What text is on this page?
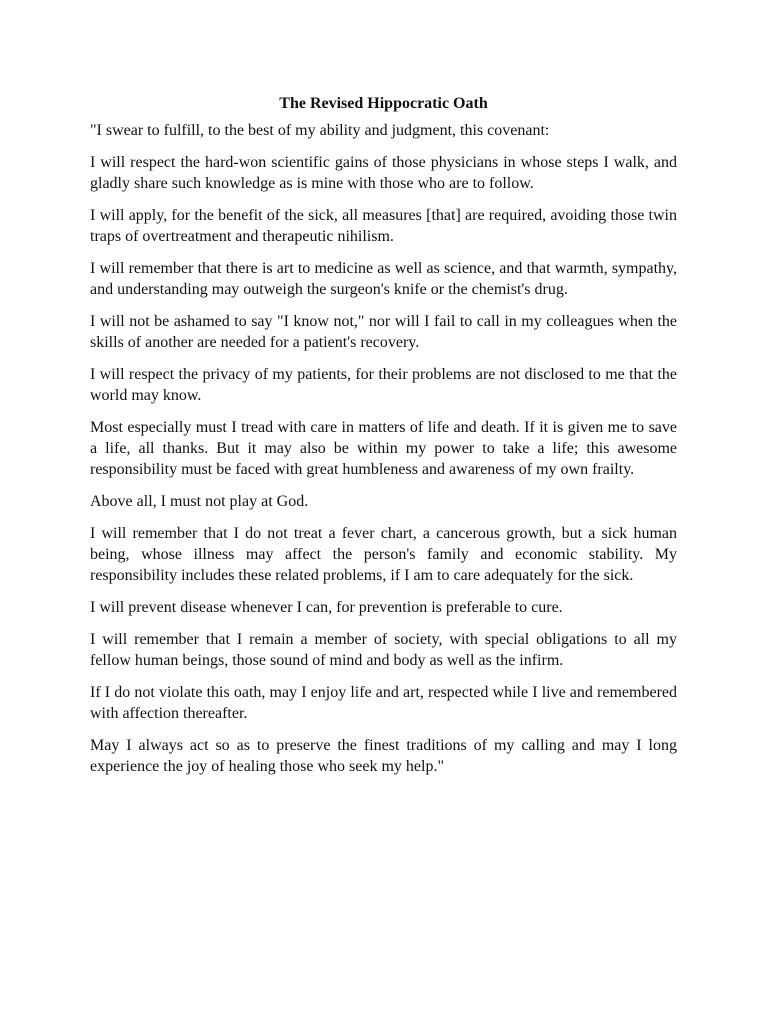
The Revised Hippocratic Oath

"I swear to fulfill, to the best of my ability and judgment, this covenant:

I will respect the hard-won scientific gains of those physicians in whose steps I walk, and gladly share such knowledge as is mine with those who are to follow.

I will apply, for the benefit of the sick, all measures [that] are required, avoiding those twin traps of overtreatment and therapeutic nihilism.

I will remember that there is art to medicine as well as science, and that warmth, sympathy, and understanding may outweigh the surgeon's knife or the chemist's drug.

I will not be ashamed to say "I know not," nor will I fail to call in my colleagues when the skills of another are needed for a patient's recovery.

I will respect the privacy of my patients, for their problems are not disclosed to me that the world may know.

Most especially must I tread with care in matters of life and death. If it is given me to save a life, all thanks. But it may also be within my power to take a life; this awesome responsibility must be faced with great humbleness and awareness of my own frailty.

Above all, I must not play at God.

I will remember that I do not treat a fever chart, a cancerous growth, but a sick human being, whose illness may affect the person's family and economic stability. My responsibility includes these related problems, if I am to care adequately for the sick.

I will prevent disease whenever I can, for prevention is preferable to cure.

I will remember that I remain a member of society, with special obligations to all my fellow human beings, those sound of mind and body as well as the infirm.

If I do not violate this oath, may I enjoy life and art, respected while I live and remembered with affection thereafter.

May I always act so as to preserve the finest traditions of my calling and may I long experience the joy of healing those who seek my help."
